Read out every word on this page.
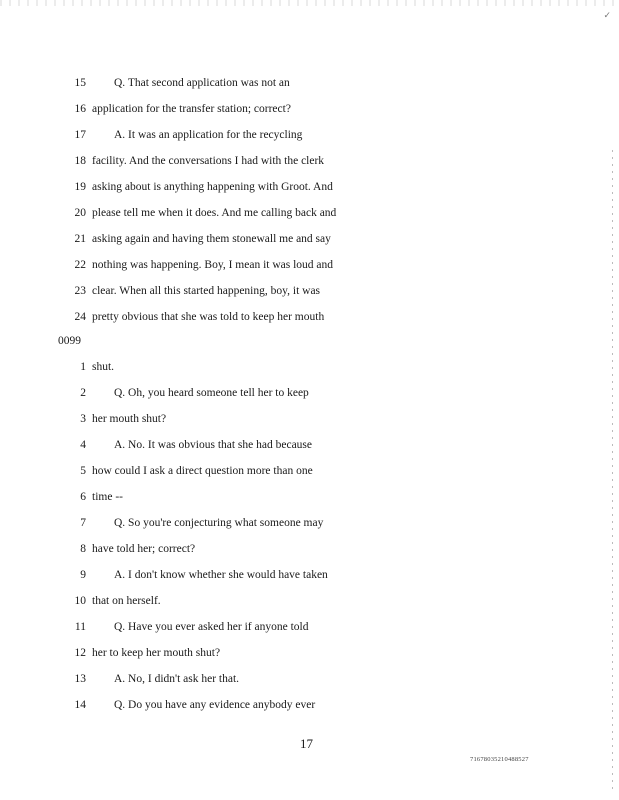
✓
15 Q. That second application was not an
16 application for the transfer station; correct?
17 A. It was an application for the recycling
18 facility. And the conversations I had with the clerk
19 asking about is anything happening with Groot. And
20 please tell me when it does. And me calling back and
21 asking again and having them stonewall me and say
22 nothing was happening. Boy, I mean it was loud and
23 clear. When all this started happening, boy, it was
24 pretty obvious that she was told to keep her mouth
1 shut.
2 Q. Oh, you heard someone tell her to keep
3 her mouth shut?
4 A. No. It was obvious that she had because
5 how could I ask a direct question more than one
6 time --
7 Q. So you're conjecturing what someone may
8 have told her; correct?
9 A. I don't know whether she would have taken
10 that on herself.
11 Q. Have you ever asked her if anyone told
12 her to keep her mouth shut?
13 A. No, I didn't ask her that.
14 Q. Do you have any evidence anybody ever
0099
17
71678035210488527
